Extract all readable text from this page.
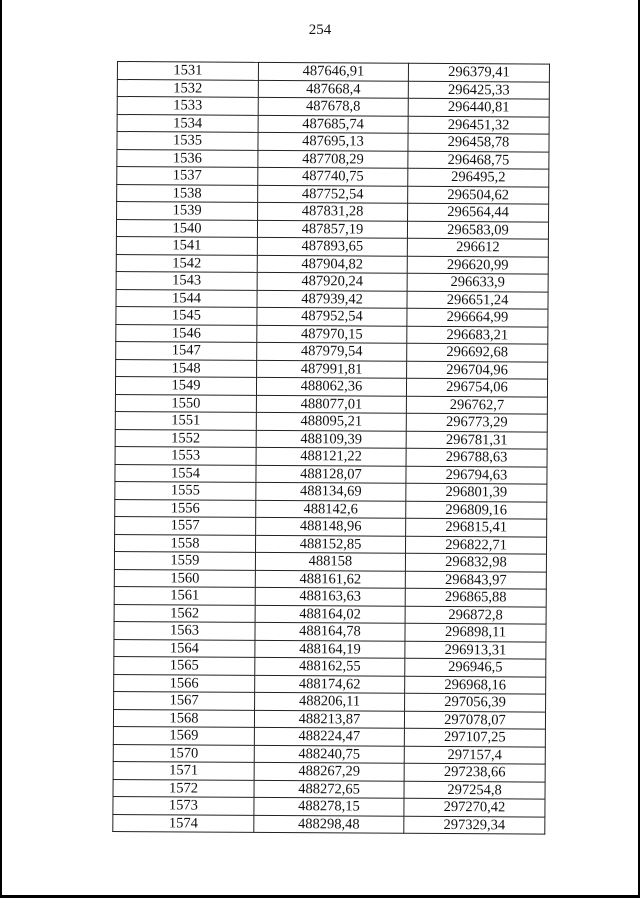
254
1531	487646,91	296379,41
1532	487668,4	296425,33
1533	487678,8	296440,81
1534	487685,74	296451,32
1535	487695,13	296458,78
1536	487708,29	296468,75
1537	487740,75	296495,2
1538	487752,54	296504,62
1539	487831,28	296564,44
1540	487857,19	296583,09
1541	487893,65	296612
1542	487904,82	296620,99
1543	487920,24	296633,9
1544	487939,42	296651,24
1545	487952,54	296664,99
1546	487970,15	296683,21
1547	487979,54	296692,68
1548	487991,81	296704,96
1549	488062,36	296754,06
1550	488077,01	296762,7
1551	488095,21	296773,29
1552	488109,39	296781,31
1553	488121,22	296788,63
1554	488128,07	296794,63
1555	488134,69	296801,39
1556	488142,6	296809,16
1557	488148,96	296815,41
1558	488152,85	296822,71
1559	488158	296832,98
1560	488161,62	296843,97
1561	488163,63	296865,88
1562	488164,02	296872,8
1563	488164,78	296898,11
1564	488164,19	296913,31
1565	488162,55	296946,5
1566	488174,62	296968,16
1567	488206,11	297056,39
1568	488213,87	297078,07
1569	488224,47	297107,25
1570	488240,75	297157,4
1571	488267,29	297238,66
1572	488272,65	297254,8
1573	488278,15	297270,42
1574	488298,48	297329,34
